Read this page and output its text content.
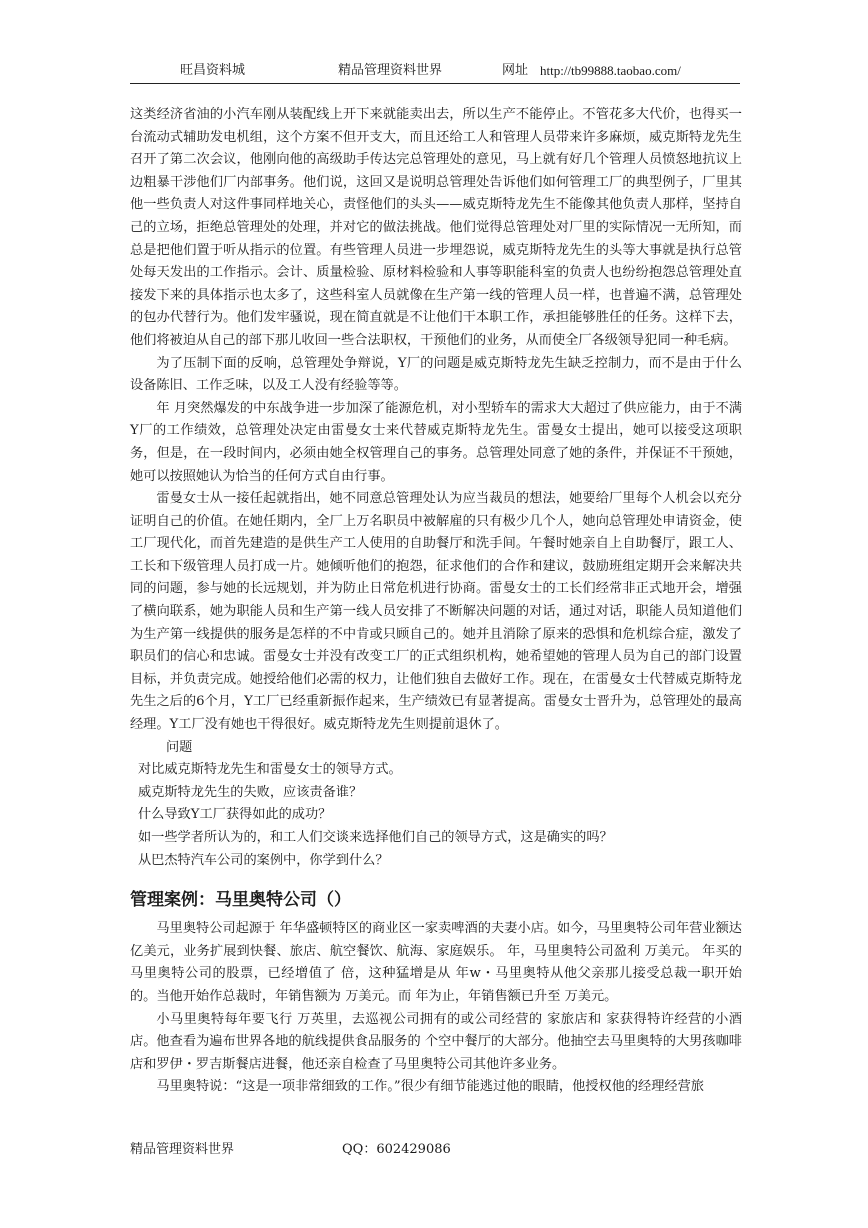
旺昌资料城	精品管理资料世界	网址 http://tb99888.taobao.com/

这类经济省油的小汽车刚从装配线上开下来就能卖出去，所以生产不能停止。不管花多大代价，也得买一台流动式辅助发电机组，这个方案不但开支大，而且还给工人和管理人员带来许多麻烦，威克斯特龙先生召开了第二次会议，他刚向他的高级助手传达完总管理处的意见，马上就有好几个管理人员愤怒地抗议上边粗暴干涉他们厂内部事务。他们说，这回又是说明总管理处告诉他们如何管理工厂的典型例子，厂里其他一些负责人对这件事同样地关心，责怪他们的头头——威克斯特龙先生不能像其他负责人那样，坚持自己的立场，拒绝总管理处的处理，并对它的做法挑战。他们觉得总管理处对厂里的实际情况一无所知，而总是把他们置于听从指示的位置。有些管理人员进一步埋怨说，威克斯特龙先生的头等大事就是执行总管处每天发出的工作指示。会计、质量检验、原材料检验和人事等职能科室的负责人也纷纷抱怨总管理处直接发下来的具体指示也太多了，这些科室人员就像在生产第一线的管理人员一样，也普遍不满，总管理处的包办代替行为。他们发牢骚说，现在简直就是不让他们干本职工作，承担能够胜任的任务。这样下去，他们将被迫从自己的部下那儿收回一些合法职权，干预他们的业务，从而使全厂各级领导犯同一种毛病。

为了压制下面的反响，总管理处争辩说，Y厂的问题是威克斯特龙先生缺乏控制力，而不是由于什么设备陈旧、工作乏味，以及工人没有经验等等。

年 月突然爆发的中东战争进一步加深了能源危机，对小型轿车的需求大大超过了供应能力，由于不满Y厂的工作绩效，总管理处决定由雷曼女士来代替威克斯特龙先生。雷曼女士提出，她可以接受这项职务，但是，在一段时间内，必须由她全权管理自己的事务。总管理处同意了她的条件，并保证不干预她，她可以按照她认为恰当的任何方式自由行事。

雷曼女士从一接任起就指出，她不同意总管理处认为应当裁员的想法，她要给厂里每个人机会以充分证明自己的价值。在她任期内，全厂上万名职员中被解雇的只有极少几个人，她向总管理处申请资金，使工厂现代化，而首先建造的是供生产工人使用的自助餐厅和洗手间。午餐时她亲自上自助餐厅，跟工人、工长和下级管理人员打成一片。她倾听他们的抱怨，征求他们的合作和建议，鼓励班组定期开会来解决共同的问题，参与她的长远规划，并为防止日常危机进行协商。雷曼女士的工长们经常非正式地开会，增强了横向联系，她为职能人员和生产第一线人员安排了不断解决问题的对话，通过对话，职能人员知道他们为生产第一线提供的服务是怎样的不中肯或只顾自己的。她并且消除了原来的恐惧和危机综合症，激发了职员们的信心和忠诚。雷曼女士并没有改变工厂的正式组织机构，她希望她的管理人员为自己的部门设置目标，并负责完成。她授给他们必需的权力，让他们独自去做好工作。现在，在雷曼女士代替威克斯特龙先生之后的6个月，Y工厂已经重新振作起来，生产绩效已有显著提高。雷曼女士晋升为，总管理处的最高经理。Y工厂没有她也干得很好。威克斯特龙先生则提前退休了。

问题

对比威克斯特龙先生和雷曼女士的领导方式。

威克斯特龙先生的失败，应该责备谁？

什么导致Y工厂获得如此的成功？

如一些学者所认为的，和工人们交谈来选择他们自己的领导方式，这是确实的吗？

从巴杰特汽车公司的案例中，你学到什么？

管理案例：马里奥特公司（）

马里奥特公司起源于 年华盛顿特区的商业区一家卖啤酒的夫妻小店。如今，马里奥特公司年营业额达 亿美元，业务扩展到快餐、旅店、航空餐饮、航海、家庭娱乐。 年，马里奥特公司盈利 万美元。 年买的马里奥特公司的股票，已经增值了 倍，这种猛增是从 年w・马里奥特从他父亲那儿接受总裁一职开始的。当他开始作总裁时，年销售额为 万美元。而 年为止，年销售额已升至 万美元。

小马里奥特每年要飞行 万英里，去巡视公司拥有的或公司经营的 家旅店和 家获得特许经营的小酒店。他查看为遍布世界各地的航线提供食品服务的 个空中餐厅的大部分。他抽空去马里奥特的大男孩咖啡店和罗伊・罗吉斯餐店进餐，他还亲自检查了马里奥特公司其他许多业务。

马里奥特说：“这是一项非常细致的工作。”很少有细节能逃过他的眼睛，他授权他的经理经营旅

精品管理资料世界	QQ：602429086
